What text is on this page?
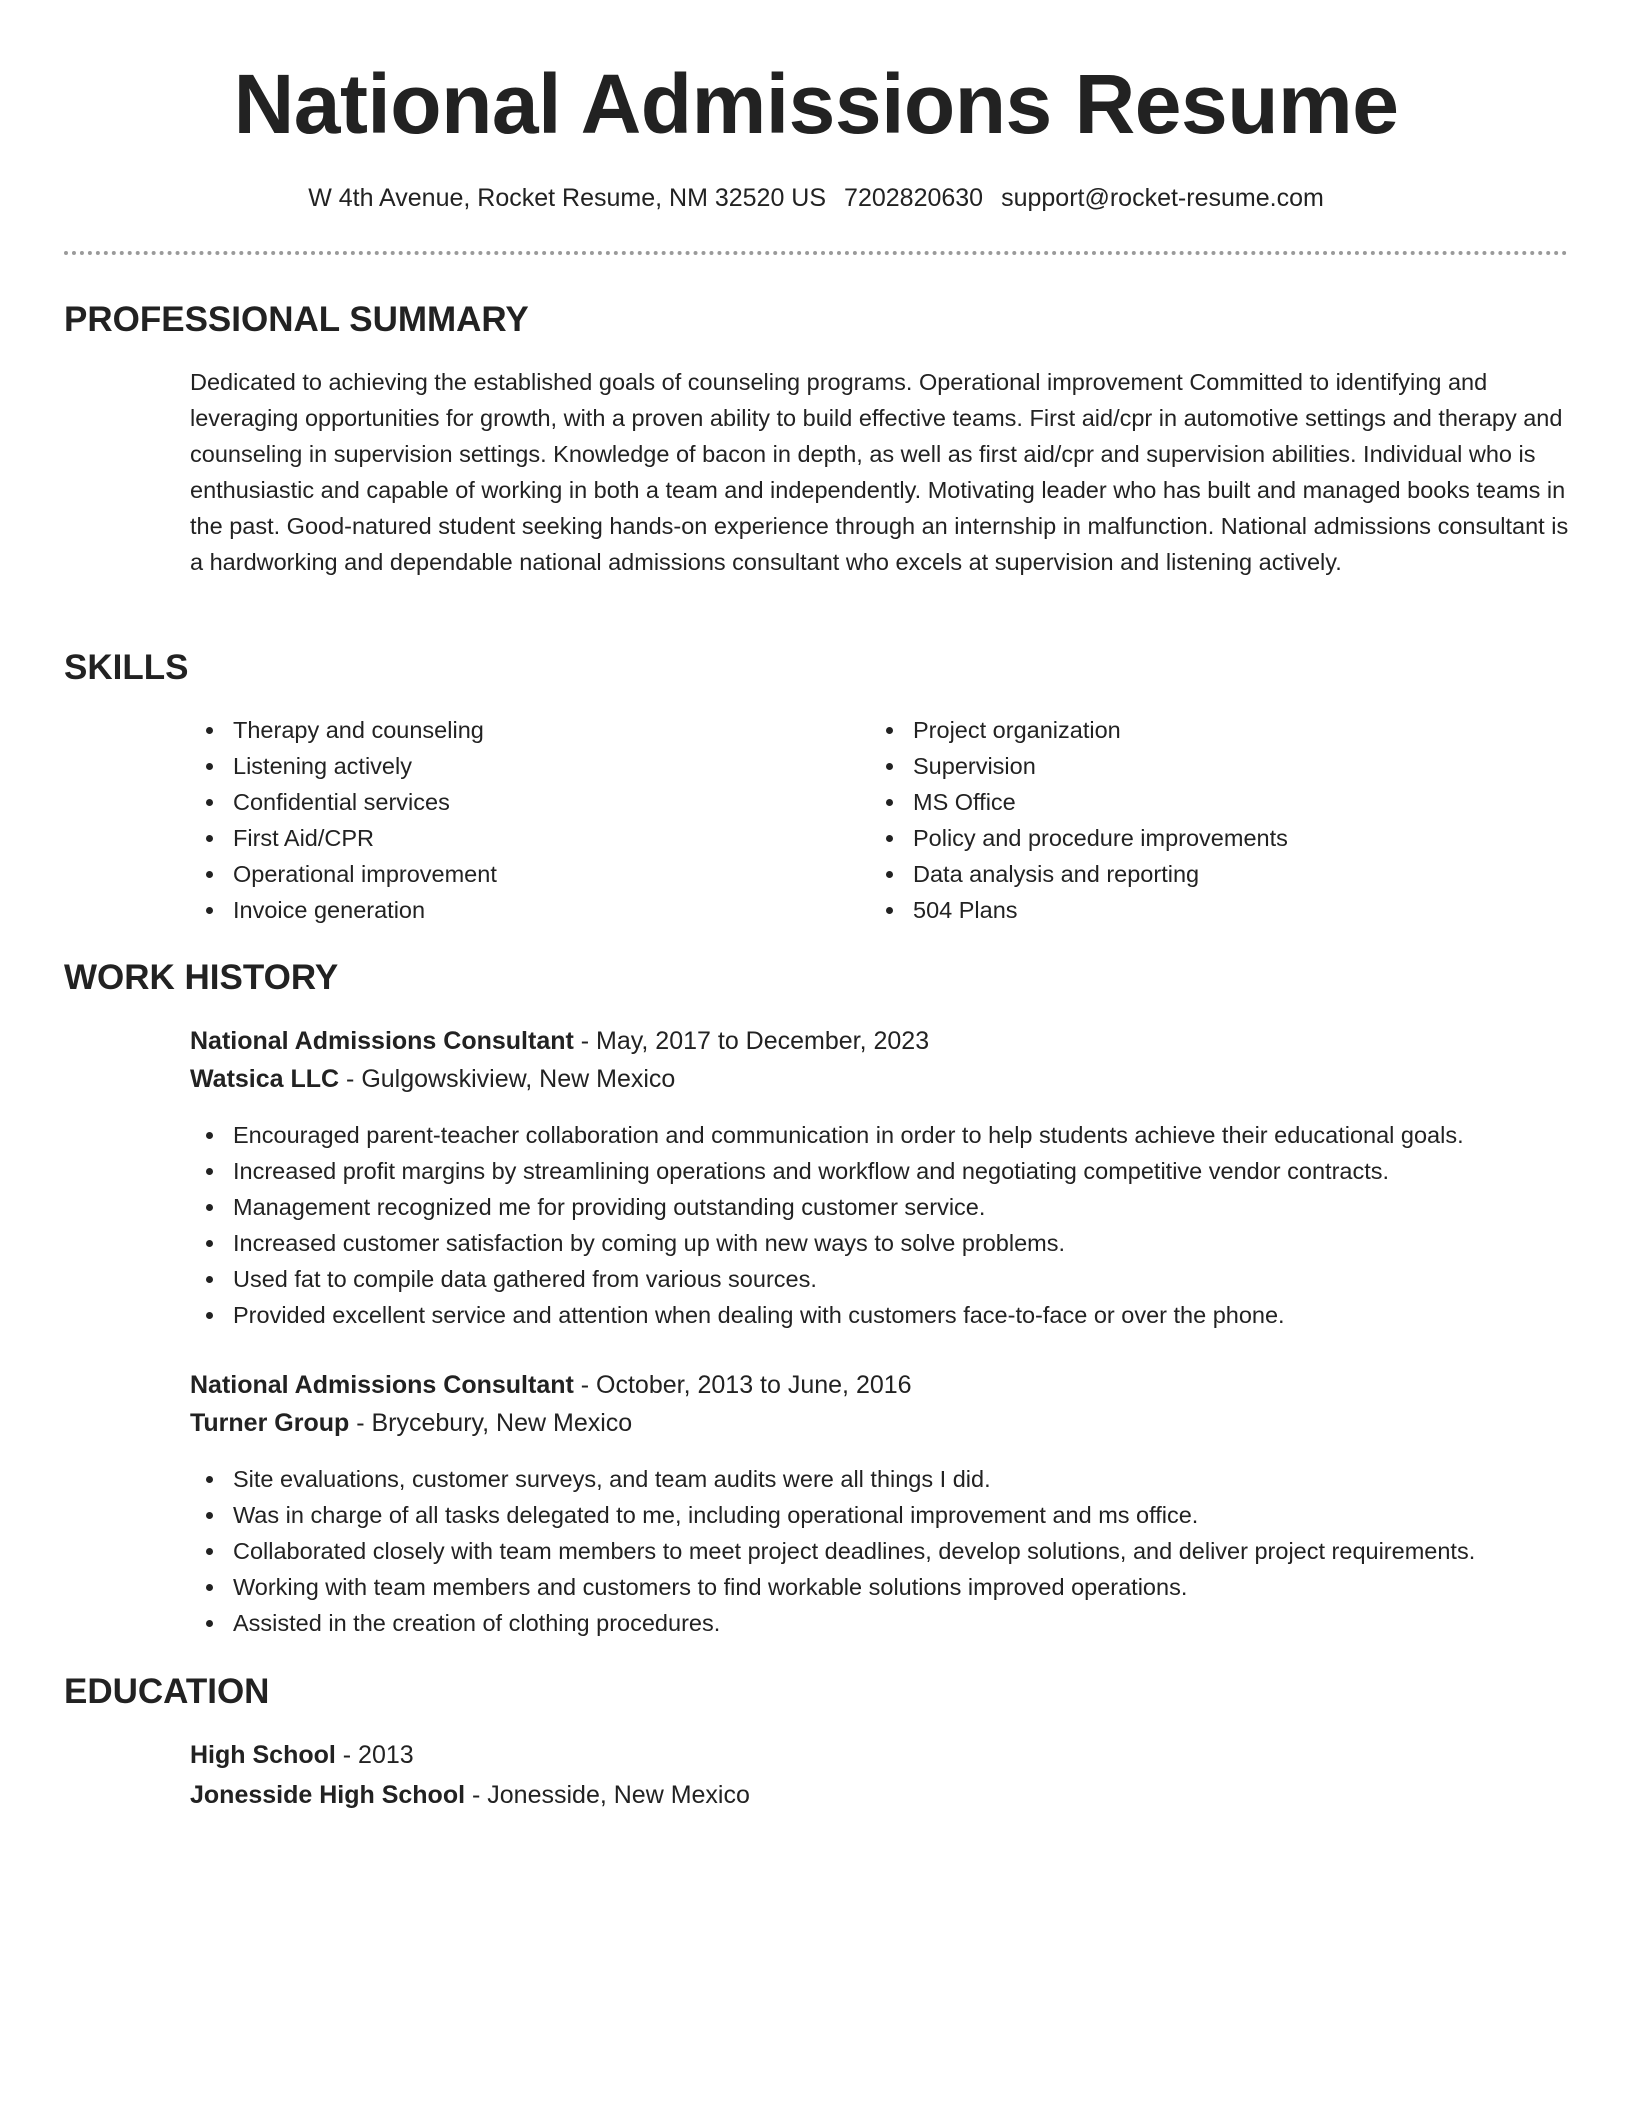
National Admissions Resume
W 4th Avenue, Rocket Resume, NM 32520 US 7202820630 support@rocket-resume.com
PROFESSIONAL SUMMARY

Dedicated to achieving the established goals of counseling programs. Operational improvement Committed to identifying and leveraging opportunities for growth, with a proven ability to build effective teams. First aid/cpr in automotive settings and therapy and counseling in supervision settings. Knowledge of bacon in depth, as well as first aid/cpr and supervision abilities. Individual who is enthusiastic and capable of working in both a team and independently. Motivating leader who has built and managed books teams in the past. Good-natured student seeking hands-on experience through an internship in malfunction. National admissions consultant is a hardworking and dependable national admissions consultant who excels at supervision and listening actively.

SKILLS
Therapy and counseling
Listening actively
Confidential services
First Aid/CPR
Operational improvement
Invoice generation
Project organization
Supervision
MS Office
Policy and procedure improvements
Data analysis and reporting
504 Plans
WORK HISTORY
National Admissions Consultant - May, 2017 to December, 2023
Watsica LLC - Gulgowskiview, New Mexico
Encouraged parent-teacher collaboration and communication in order to help students achieve their educational goals.
Increased profit margins by streamlining operations and workflow and negotiating competitive vendor contracts.
Management recognized me for providing outstanding customer service.
Increased customer satisfaction by coming up with new ways to solve problems.
Used fat to compile data gathered from various sources.
Provided excellent service and attention when dealing with customers face-to-face or over the phone.
National Admissions Consultant - October, 2013 to June, 2016
Turner Group - Brycebury, New Mexico
Site evaluations, customer surveys, and team audits were all things I did.
Was in charge of all tasks delegated to me, including operational improvement and ms office.
Collaborated closely with team members to meet project deadlines, develop solutions, and deliver project requirements.
Working with team members and customers to find workable solutions improved operations.
Assisted in the creation of clothing procedures.
EDUCATION
High School - 2013
Jonesside High School - Jonesside, New Mexico
